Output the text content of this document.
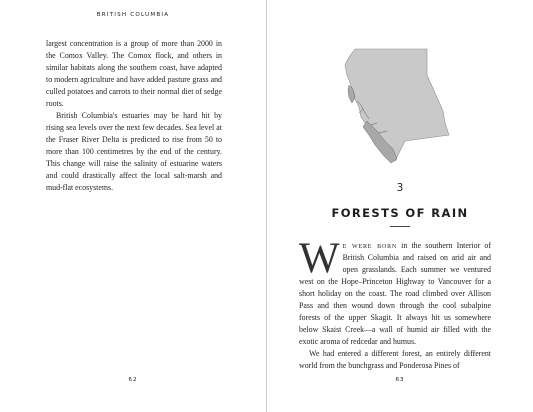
BRITISH COLUMBIA

largest concentration is a group of more than 2000 in the Comox Valley. The Comox flock, and others in similar habitats along the southern coast, have adapted to modern agriculture and have added pasture grass and culled potatoes and carrots to their normal diet of sedge roots.

British Columbia's estuaries may be hard hit by rising sea levels over the next few decades. Sea level at the Fraser River Delta is predicted to rise from 50 to more than 100 centimetres by the end of the century. This change will raise the salinity of estuarine waters and could drastically affect the local salt-marsh and mud-flat ecosystems.

62
3
FORESTS OF RAIN

We were born in the southern Interior of British Columbia and raised on arid air and open grasslands. Each summer we ventured west on the Hope–Princeton Highway to Vancouver for a short holiday on the coast. The road climbed over Allison Pass and then wound down through the cool subalpine forests of the upper Skagit. It always hit us somewhere below Skaist Creek—a wall of humid air filled with the exotic aroma of redcedar and humus.

We had entered a different forest, an entirely different world from the bunchgrass and Ponderosa Pines of

63
